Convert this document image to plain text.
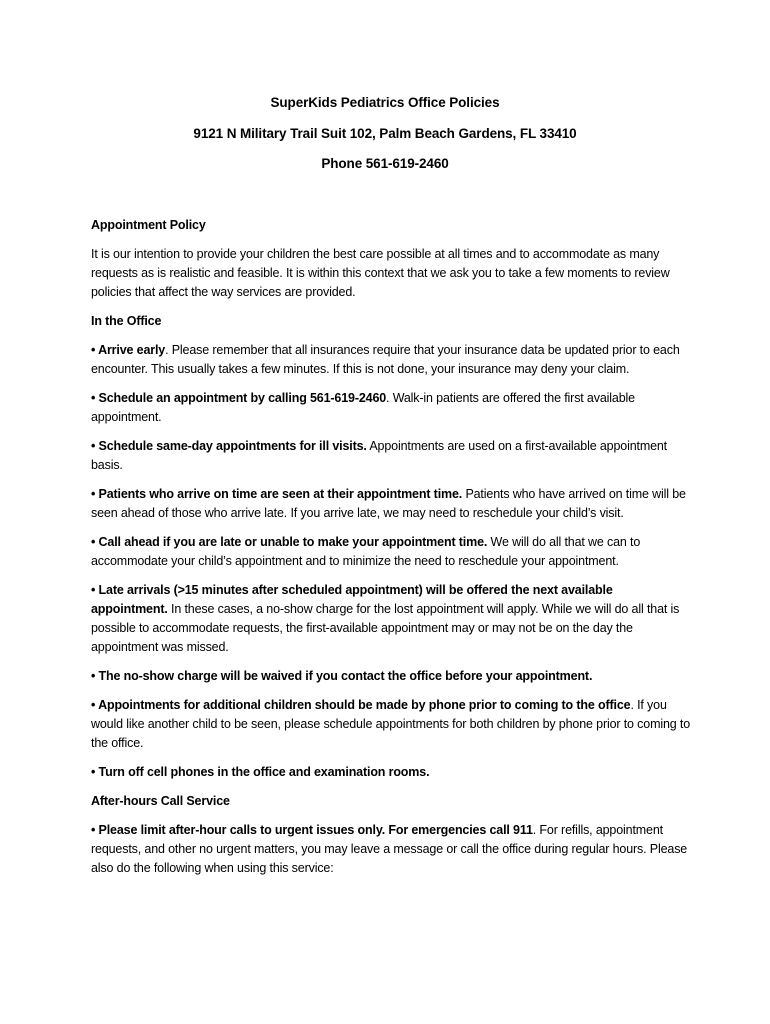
SuperKids Pediatrics Office Policies
9121 N Military Trail Suit 102, Palm Beach Gardens, FL 33410
Phone 561-619-2460

Appointment Policy

It is our intention to provide your children the best care possible at all times and to accommodate as many requests as is realistic and feasible. It is within this context that we ask you to take a few moments to review policies that affect the way services are provided.

In the Office

• Arrive early. Please remember that all insurances require that your insurance data be updated prior to each encounter. This usually takes a few minutes. If this is not done, your insurance may deny your claim.

• Schedule an appointment by calling 561-619-2460. Walk-in patients are offered the first available appointment.

• Schedule same-day appointments for ill visits. Appointments are used on a first-available appointment basis.

• Patients who arrive on time are seen at their appointment time. Patients who have arrived on time will be seen ahead of those who arrive late. If you arrive late, we may need to reschedule your child’s visit.

• Call ahead if you are late or unable to make your appointment time. We will do all that we can to accommodate your child’s appointment and to minimize the need to reschedule your appointment.

• Late arrivals (>15 minutes after scheduled appointment) will be offered the next available appointment. In these cases, a no-show charge for the lost appointment will apply. While we will do all that is possible to accommodate requests, the first-available appointment may or may not be on the day the appointment was missed.

• The no-show charge will be waived if you contact the office before your appointment.

• Appointments for additional children should be made by phone prior to coming to the office. If you would like another child to be seen, please schedule appointments for both children by phone prior to coming to the office.

• Turn off cell phones in the office and examination rooms.

After-hours Call Service

• Please limit after-hour calls to urgent issues only. For emergencies call 911. For refills, appointment requests, and other no urgent matters, you may leave a message or call the office during regular hours. Please also do the following when using this service:
